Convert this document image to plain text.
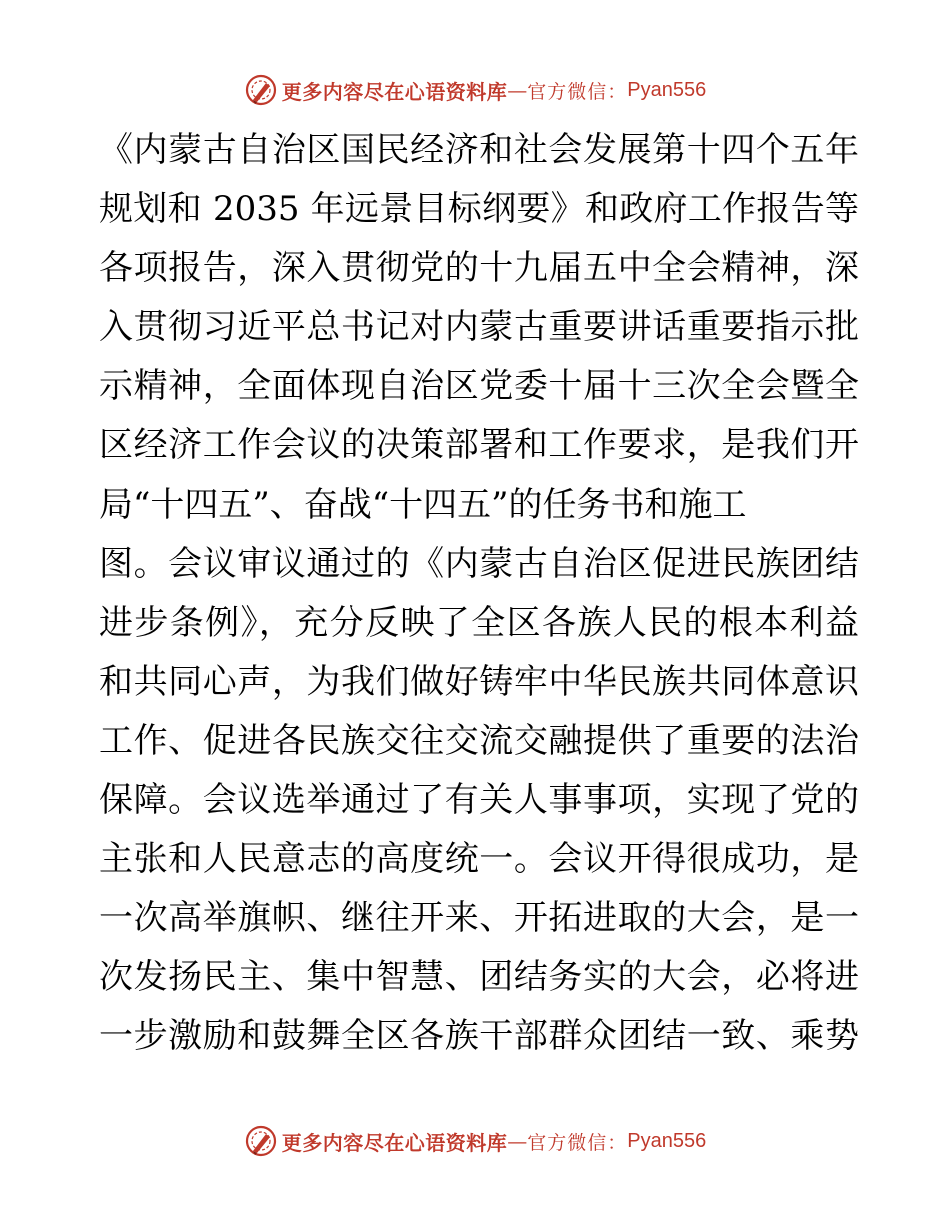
更多内容尽在心语资料库 — 官方微信： Pyan556
《内蒙古自治区国民经济和社会发展第十四个五年
规划和 2035 年远景目标纲要》和政府工作报告等
各项报告，深入贯彻党的十九届五中全会精神，深
入贯彻习近平总书记对内蒙古重要讲话重要指示批
示精神，全面体现自治区党委十届十三次全会暨全
区经济工作会议的决策部署和工作要求，是我们开
局“十四五”、奋战“十四五”的任务书和施工
图。会议审议通过的《内蒙古自治区促进民族团结
进步条例》，充分反映了全区各族人民的根本利益
和共同心声，为我们做好铸牢中华民族共同体意识
工作、促进各民族交往交流交融提供了重要的法治
保障。会议选举通过了有关人事事项，实现了党的
主张和人民意志的高度统一。会议开得很成功，是
一次高举旗帜、继往开来、开拓进取的大会，是一
次发扬民主、集中智慧、团结务实的大会，必将进
一步激励和鼓舞全区各族干部群众团结一致、乘势
更多内容尽在心语资料库 — 官方微信： Pyan556
